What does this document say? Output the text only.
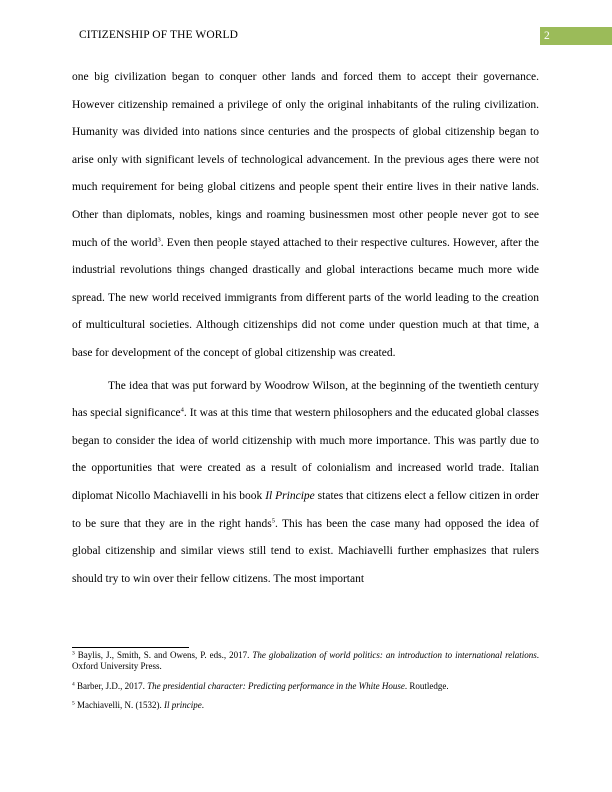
CITIZENSHIP OF THE WORLD	2

one big civilization began to conquer other lands and forced them to accept their governance. However citizenship remained a privilege of only the original inhabitants of the ruling civilization. Humanity was divided into nations since centuries and the prospects of global citizenship began to arise only with significant levels of technological advancement. In the previous ages there were not much requirement for being global citizens and people spent their entire lives in their native lands. Other than diplomats, nobles, kings and roaming businessmen most other people never got to see much of the world$^3$. Even then people stayed attached to their respective cultures. However, after the industrial revolutions things changed drastically and global interactions became much more wide spread. The new world received immigrants from different parts of the world leading to the creation of multicultural societies. Although citizenships did not come under question much at that time, a base for development of the concept of global citizenship was created.

The idea that was put forward by Woodrow Wilson, at the beginning of the twentieth century has special significance$^4$. It was at this time that western philosophers and the educated global classes began to consider the idea of world citizenship with much more importance. This was partly due to the opportunities that were created as a result of colonialism and increased world trade. Italian diplomat Nicollo Machiavelli in his book Il Principe states that citizens elect a fellow citizen in order to be sure that they are in the right hands$^5$. This has been the case many had opposed the idea of global citizenship and similar views still tend to exist. Machiavelli further emphasizes that rulers should try to win over their fellow citizens. The most important

$^3$ Baylis, J., Smith, S. and Owens, P. eds., 2017. The globalization of world politics: an introduction to international relations. Oxford University Press.

$^4$ Barber, J.D., 2017. The presidential character: Predicting performance in the White House. Routledge.

$^5$ Machiavelli, N. (1532). Il principe.
